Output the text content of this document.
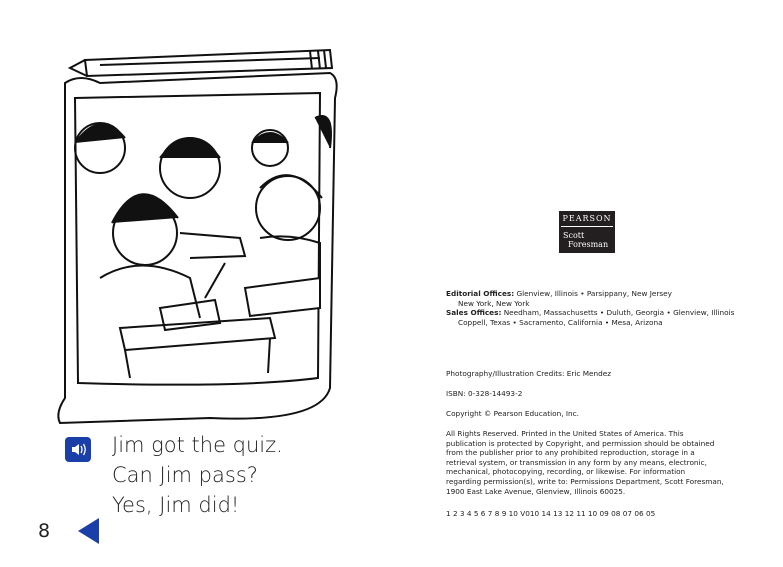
Jim got the quiz.
Can Jim pass?
Yes, Jim did!
8
PEARSON
Scott
Foresman
Editorial Offices: Glenview, Illinois • Parsippany, New Jersey
New York, New York
Sales Offices: Needham, Massachusetts • Duluth, Georgia • Glenview, Illinois
Coppell, Texas • Sacramento, California • Mesa, Arizona
Photography/Illustration Credits: Eric Mendez
ISBN: 0-328-14493-2
Copyright © Pearson Education, Inc.
All Rights Reserved. Printed in the United States of America. This
publication is protected by Copyright, and permission should be obtained
from the publisher prior to any prohibited reproduction, storage in a
retrieval system, or transmission in any form by any means, electronic,
mechanical, photocopying, recording, or likewise. For information
regarding permission(s), write to: Permissions Department, Scott Foresman,
1900 East Lake Avenue, Glenview, Illinois 60025.
1 2 3 4 5 6 7 8 9 10 V010 14 13 12 11 10 09 08 07 06 05
